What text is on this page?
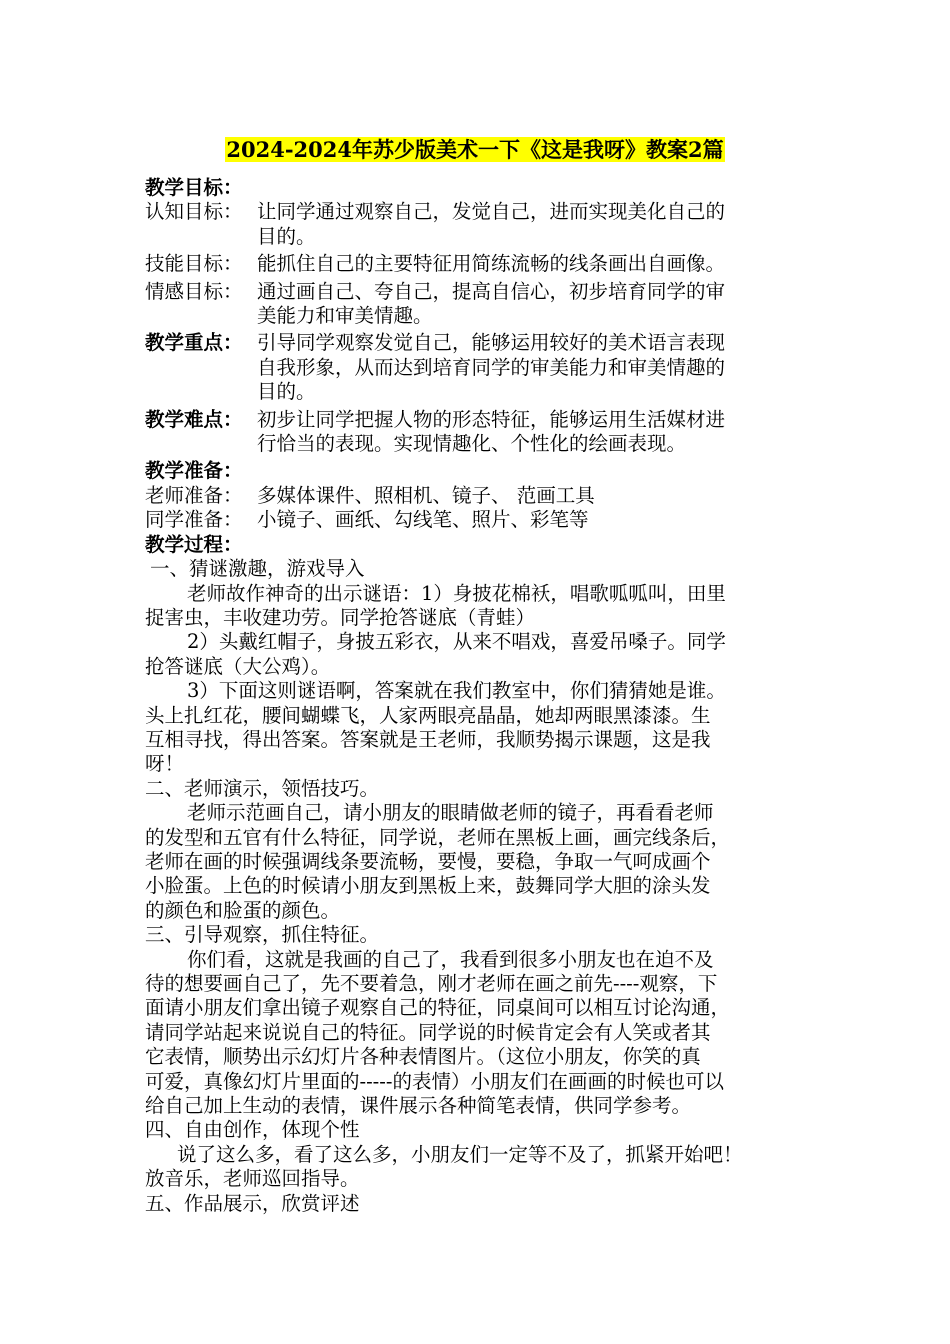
2024-2024年苏少版美术一下《这是我呀》教案2篇
教学目标：
认知目标： 让同学通过观察自己，发觉自己，进而实现美化自己的
目的。
技能目标： 能抓住自己的主要特征用简练流畅的线条画出自画像。
情感目标： 通过画自己、夸自己，提高自信心，初步培育同学的审
美能力和审美情趣。
教学重点： 引导同学观察发觉自己，能够运用较好的美术语言表现
自我形象，从而达到培育同学的审美能力和审美情趣的
目的。
教学难点： 初步让同学把握人物的形态特征，能够运用生活媒材进
行恰当的表现。实现情趣化、个性化的绘画表现。
教学准备：
老师准备： 多媒体课件、照相机、镜子、 范画工具
同学准备： 小镜子、画纸、勾线笔、照片、彩笔等
教学过程：
一、猜谜激趣，游戏导入
老师故作神奇的出示谜语：1）身披花棉袄，唱歌呱呱叫，田里
捉害虫，丰收建功劳。同学抢答谜底（青蛙）
2）头戴红帽子，身披五彩衣，从来不唱戏，喜爱吊嗓子。同学
抢答谜底（大公鸡）。
3）下面这则谜语啊，答案就在我们教室中，你们猜猜她是谁。
头上扎红花，腰间蝴蝶飞，人家两眼亮晶晶，她却两眼黑漆漆。生
互相寻找，得出答案。答案就是王老师，我顺势揭示课题，这是我
呀！
二、老师演示，领悟技巧。
老师示范画自己，请小朋友的眼睛做老师的镜子，再看看老师
的发型和五官有什么特征，同学说，老师在黑板上画，画完线条后，
老师在画的时候强调线条要流畅，要慢，要稳，争取一气呵成画个
小脸蛋。上色的时候请小朋友到黑板上来，鼓舞同学大胆的涂头发
的颜色和脸蛋的颜色。
三、引导观察，抓住特征。
你们看，这就是我画的自己了，我看到很多小朋友也在迫不及
待的想要画自己了，先不要着急，刚才老师在画之前先----观察，下
面请小朋友们拿出镜子观察自己的特征，同桌间可以相互讨论沟通，
请同学站起来说说自己的特征。同学说的时候肯定会有人笑或者其
它表情，顺势出示幻灯片各种表情图片。（这位小朋友，你笑的真
可爱，真像幻灯片里面的-----的表情）小朋友们在画画的时候也可以
给自己加上生动的表情，课件展示各种简笔表情，供同学参考。
四、自由创作，体现个性
说了这么多，看了这么多，小朋友们一定等不及了，抓紧开始吧！
放音乐，老师巡回指导。
五、作品展示，欣赏评述
